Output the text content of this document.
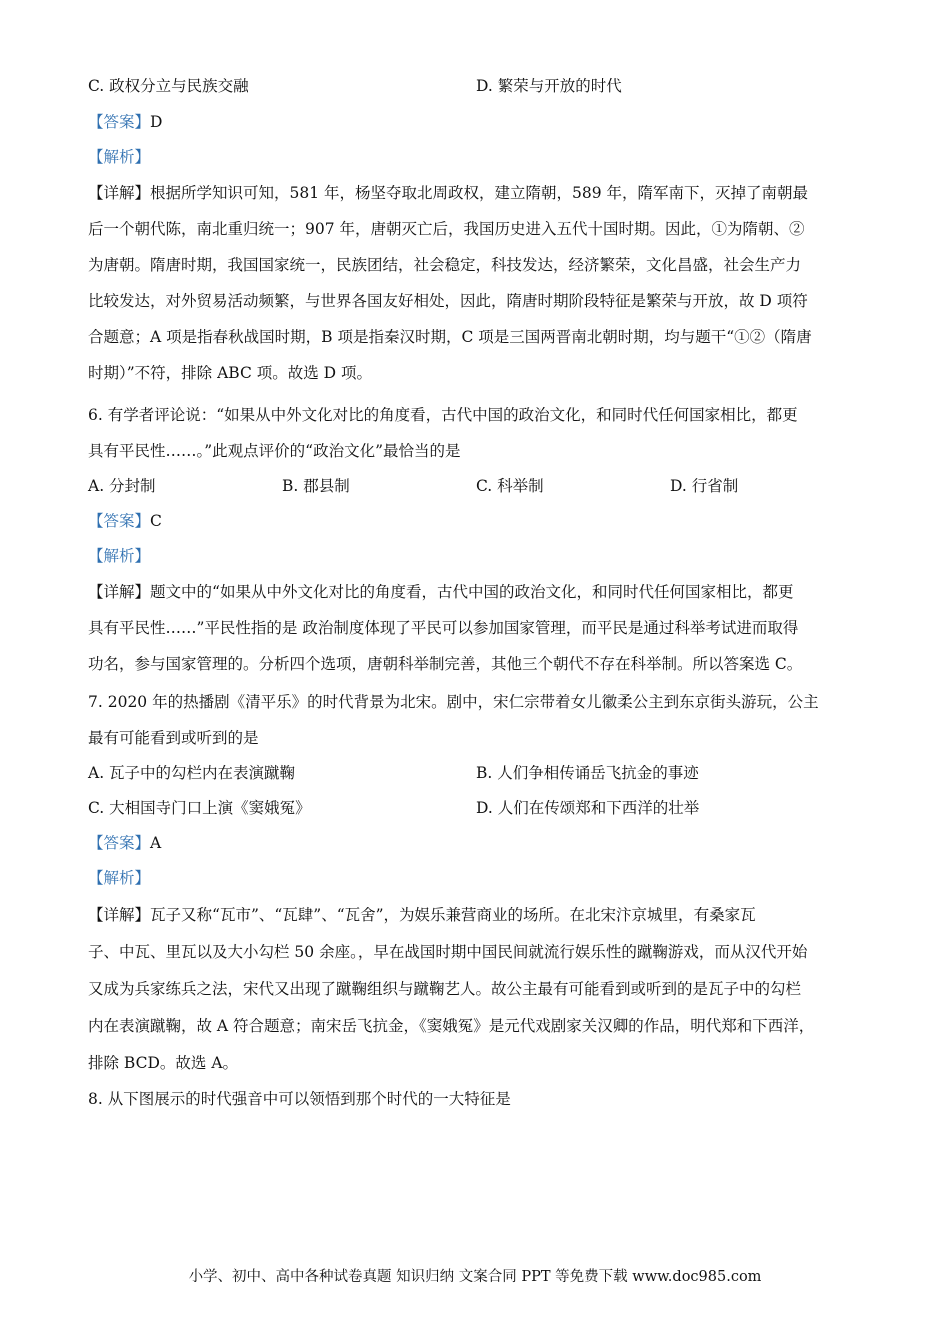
C. 政权分立与民族交融	D. 繁荣与开放的时代
【答案】D
【解析】
【详解】根据所学知识可知，581 年，杨坚夺取北周政权，建立隋朝，589 年，隋军南下，灭掉了南朝最
后一个朝代陈，南北重归统一；907 年，唐朝灭亡后，我国历史进入五代十国时期。因此，①为隋朝、②
为唐朝。隋唐时期，我国国家统一，民族团结，社会稳定，科技发达，经济繁荣，文化昌盛，社会生产力
比较发达，对外贸易活动频繁，与世界各国友好相处，因此，隋唐时期阶段特征是繁荣与开放，故 D 项符
合题意；A 项是指春秋战国时期，B 项是指秦汉时期，C 项是三国两晋南北朝时期，均与题干“①②（隋唐
时期）”不符，排除 ABC 项。故选 D 项。
6. 有学者评论说：“如果从中外文化对比的角度看，古代中国的政治文化，和同时代任何国家相比，都更
具有平民性……。”此观点评价的“政治文化”最恰当的是
A. 分封制	B. 郡县制	C. 科举制	D. 行省制
【答案】C
【解析】
【详解】题文中的“如果从中外文化对比的角度看，古代中国的政治文化，和同时代任何国家相比，都更
具有平民性……”平民性指的是 政治制度体现了平民可以参加国家管理，而平民是通过科举考试进而取得
功名，参与国家管理的。分析四个选项，唐朝科举制完善，其他三个朝代不存在科举制。所以答案选 C。
7. 2020 年的热播剧《清平乐》的时代背景为北宋。剧中，宋仁宗带着女儿徽柔公主到东京街头游玩，公主
最有可能看到或听到的是
A. 瓦子中的勾栏内在表演蹴鞠	B. 人们争相传诵岳飞抗金的事迹
C. 大相国寺门口上演《窦娥冤》	D. 人们在传颂郑和下西洋的壮举
【答案】A
【解析】
【详解】瓦子又称“瓦市”、“瓦肆”、“瓦舍”，为娱乐兼营商业的场所。在北宋汴京城里，有桑家瓦
子、中瓦、里瓦以及大小勾栏 50 余座。，早在战国时期中国民间就流行娱乐性的蹴鞠游戏，而从汉代开始
又成为兵家练兵之法，宋代又出现了蹴鞠组织与蹴鞠艺人。故公主最有可能看到或听到的是瓦子中的勾栏
内在表演蹴鞠，故 A 符合题意；南宋岳飞抗金，《窦娥冤》是元代戏剧家关汉卿的作品，明代郑和下西洋，
排除 BCD。故选 A。
8. 从下图展示的时代强音中可以领悟到那个时代的一大特征是
小学、初中、高中各种试卷真题 知识归纳 文案合同 PPT 等免费下载 www.doc985.com
